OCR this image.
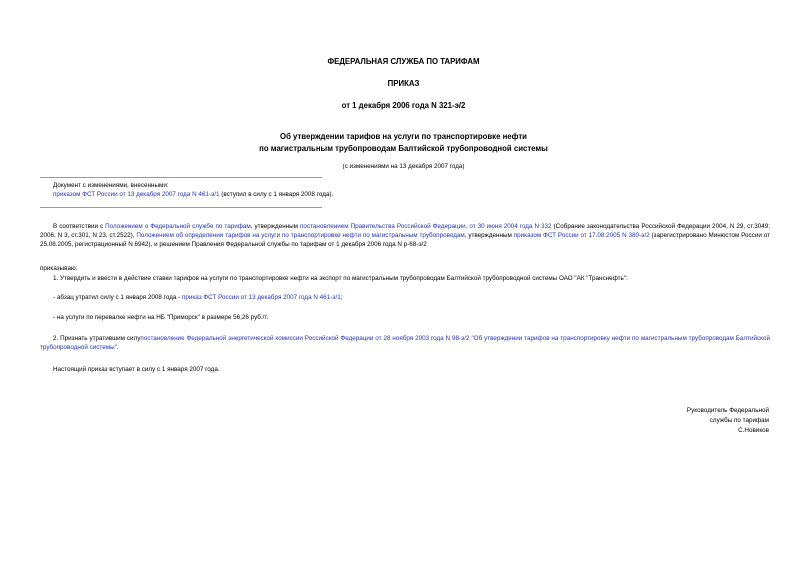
ФЕДЕРАЛЬНАЯ СЛУЖБА ПО ТАРИФАМ
ПРИКАЗ
от 1 декабря 2006 года N 321-э/2
Об утверждении тарифов на услуги по транспортировке нефти
по магистральным трубопроводам Балтийской трубопроводной системы
(с изменениями на 13 декабря 2007 года)
Документ с изменениями, внесенными:
приказом ФСТ России от 13 декабря 2007 года N 461-э/1 (вступил в силу с 1 января 2008 года).
В соответствии с Положением о Федеральной службе по тарифам, утвержденным постановлением Правительства Российской Федерации, от 30 июня 2004 года N 332 (Собрание законодательства Российской Федерации 2004, N 29, ст.3049; 2006, N 3, ст.301, N 23, ст.2522), Положением об определении тарифов на услуги по транспортировке нефти по магистральным трубопроводам, утвержденным приказом ФСТ России от 17.08.2005 N 380-э/2 (зарегистрировано Минюстом России от 25.08.2005, регистрационный N 6942), и решением Правления Федеральной службы по тарифам от 1 декабря 2006 года N р-68-э/2
приказываю:
1. Утвердить и ввести в действие ставки тарифов на услуги по транспортировке нефти на экспорт по магистральным трубопроводам Балтийской трубопроводной системы ОАО "АК "Транснефть":
- абзац утратил силу с 1 января 2008 года - приказ ФСТ России от 13 декабря 2007 года N 461-э/1;
- на услуги по перевалке нефти на НБ "Приморск" в размере 56,26 руб./т.
2. Признать утратившим силупостановление Федеральной энергетической комиссии Российской Федерации от 28 ноября 2003 года N 98-э/2 "Об утверждении тарифов на транспортировку нефти по магистральным трубопроводам Балтийской трубопроводной системы".
Настоящий приказ вступает в силу с 1 января 2007 года.
Руководитель Федеральной
службы по тарифам
С.Новиков
